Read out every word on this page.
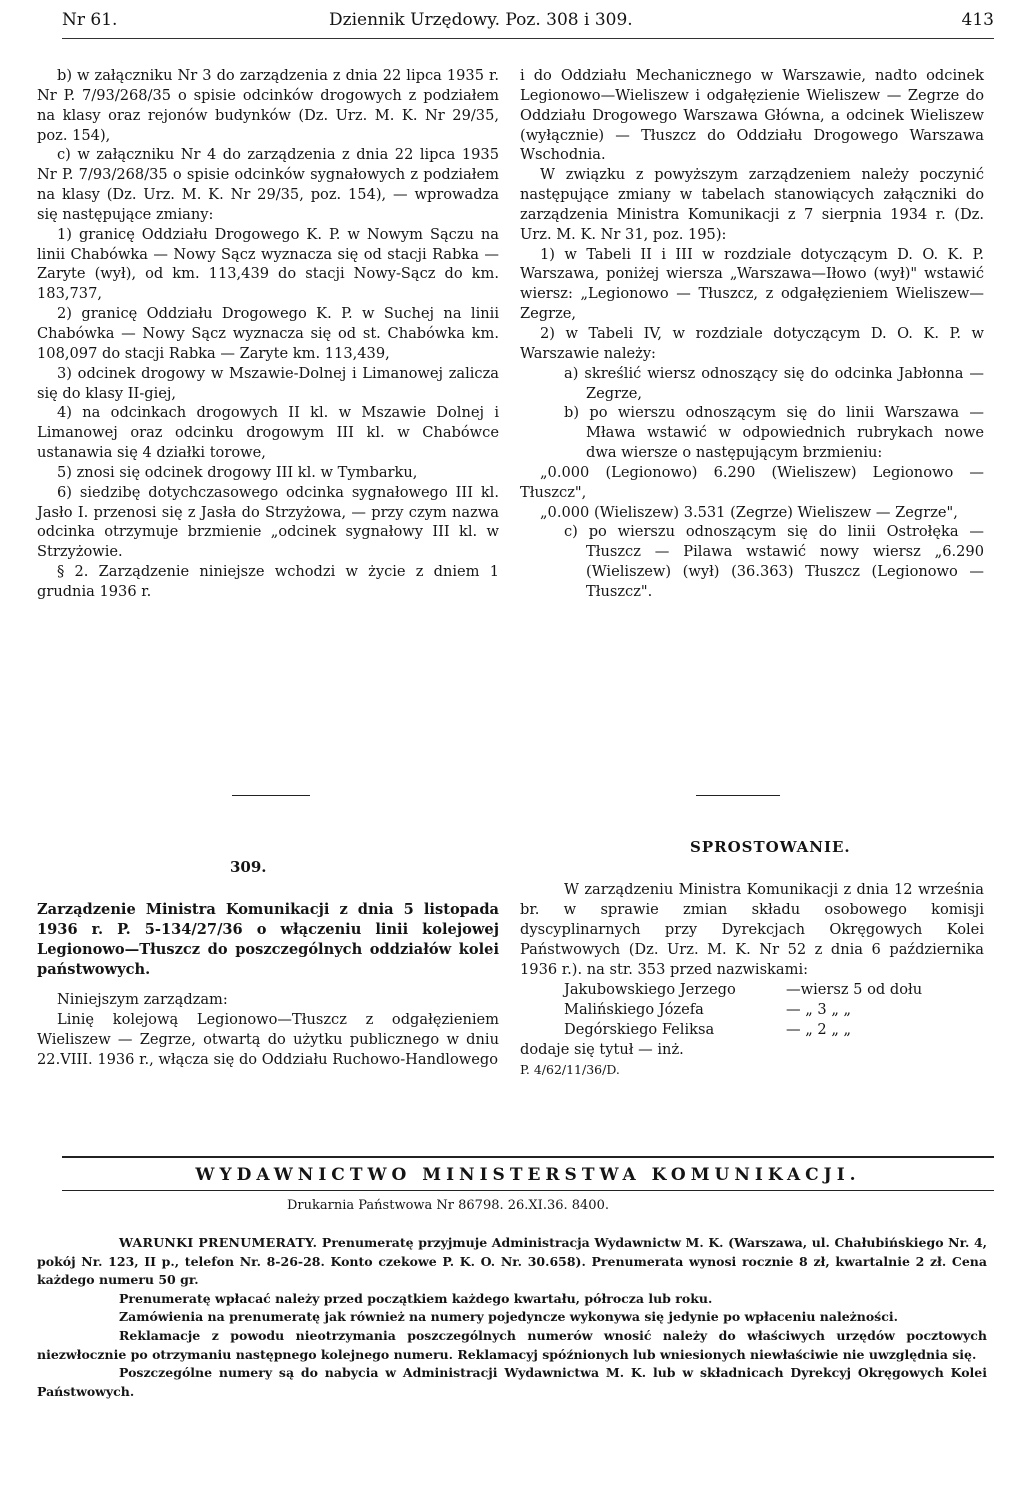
Nr 61.	Dziennik Urzędowy. Poz. 308 i 309.	413

b) w załączniku Nr 3 do zarządzenia z dnia 22 lipca 1935 r. Nr P. 7/93/268/35 o spisie odcinków drogowych z podziałem na klasy oraz rejonów budynków (Dz. Urz. M. K. Nr 29/35, poz. 154),

c) w załączniku Nr 4 do zarządzenia z dnia 22 lipca 1935 Nr P. 7/93/268/35 o spisie odcinków sygnałowych z podziałem na klasy (Dz. Urz. M. K. Nr 29/35, poz. 154), — wprowadza się następujące zmiany:

1) granicę Oddziału Drogowego K. P. w Nowym Sączu na linii Chabówka — Nowy Sącz wyznacza się od stacji Rabka — Zaryte (wył), od km. 113,439 do stacji Nowy-Sącz do km. 183,737,

2) granicę Oddziału Drogowego K. P. w Suchej na linii Chabówka — Nowy Sącz wyznacza się od st. Chabówka km. 108,097 do stacji Rabka — Zaryte km. 113,439,

3) odcinek drogowy w Mszawie-Dolnej i Limanowej zalicza się do klasy II-giej,

4) na odcinkach drogowych II kl. w Mszawie Dolnej i Limanowej oraz odcinku drogowym III kl. w Chabówce ustanawia się 4 działki torowe,

5) znosi się odcinek drogowy III kl. w Tymbarku,

6) siedzibę dotychczasowego odcinka sygnałowego III kl. Jasło I. przenosi się z Jasła do Strzyżowa, — przy czym nazwa odcinka otrzymuje brzmienie „odcinek sygnałowy III kl. w Strzyżowie.

§ 2. Zarządzenie niniejsze wchodzi w życie z dniem 1 grudnia 1936 r.

i do Oddziału Mechanicznego w Warszawie, nadto odcinek Legionowo—Wieliszew i odgałęzienie Wieliszew — Zegrze do Oddziału Drogowego Warszawa Główna, a odcinek Wieliszew (wyłącznie) — Tłuszcz do Oddziału Drogowego Warszawa Wschodnia.

W związku z powyższym zarządzeniem należy poczynić następujące zmiany w tabelach stanowiących załączniki do zarządzenia Ministra Komunikacji z 7 sierpnia 1934 r. (Dz. Urz. M. K. Nr 31, poz. 195):

1) w Tabeli II i III w rozdziale dotyczącym D. O. K. P. Warszawa, poniżej wiersza „Warszawa—Iłowo (wył)" wstawić wiersz: „Legionowo — Tłuszcz, z odgałęzieniem Wieliszew—Zegrze,

2) w Tabeli IV, w rozdziale dotyczącym D. O. K. P. w Warszawie należy:

a) skreślić wiersz odnoszący się do odcinka Jabłonna — Zegrze,

b) po wierszu odnoszącym się do linii Warszawa — Mława wstawić w odpowiednich rubrykach nowe dwa wiersze o następującym brzmieniu:

„0.000 (Legionowo) 6.290 (Wieliszew) Legionowo — Tłuszcz",

„0.000 (Wieliszew) 3.531 (Zegrze) Wieliszew — Zegrze",

c) po wierszu odnoszącym się do linii Ostrołęka — Tłuszcz — Pilawa wstawić nowy wiersz „6.290 (Wieliszew) (wył) (36.363) Tłuszcz (Legionowo — Tłuszcz".

309.
Zarządzenie Ministra Komunikacji z dnia 5 listopada 1936 r. P. 5-134/27/36 o włączeniu linii kolejowej Legionowo—Tłuszcz do poszczególnych oddziałów kolei państwowych.

Niniejszym zarządzam:

Linię kolejową Legionowo—Tłuszcz z odgałęzieniem Wieliszew — Zegrze, otwartą do użytku publicznego w dniu 22.VIII. 1936 r., włącza się do Oddziału Ruchowo-Handlowego

SPROSTOWANIE.

W zarządzeniu Ministra Komunikacji z dnia 12 września br. w sprawie zmian składu osobowego komisji dyscyplinarnych przy Dyrekcjach Okręgowych Kolei Państwowych (Dz. Urz. M. K. Nr 52 z dnia 6 października 1936 r.). na str. 353 przed nazwiskami:

Jakubowskiego Jerzego	—wiersz 5 od dołu
Malińskiego Józefa	— „ 3 „ „
Degórskiego Feliksa	— „ 2 „ „

dodaje się tytuł — inż.

P. 4/62/11/36/D.

WYDAWNICTWO MINISTERSTWA KOMUNIKACJI.
Drukarnia Państwowa Nr 86798. 26.XI.36. 8400.

WARUNKI PRENUMERATY. Prenumeratę przyjmuje Administracja Wydawnictw M. K. (Warszawa, ul. Chałubińskiego Nr. 4, pokój Nr. 123, II p., telefon Nr. 8-26-28. Konto czekowe P. K. O. Nr. 30.658). Prenumerata wynosi rocznie 8 zł, kwartalnie 2 zł. Cena każdego numeru 50 gr.

Prenumeratę wpłacać należy przed początkiem każdego kwartału, półrocza lub roku.

Zamówienia na prenumeratę jak również na numery pojedyncze wykonywa się jedynie po wpłaceniu należności.

Reklamacje z powodu nieotrzymania poszczególnych numerów wnosić należy do właściwych urzędów pocztowych niezwłocznie po otrzymaniu następnego kolejnego numeru. Reklamacyj spóźnionych lub wniesionych niewłaściwie nie uwzględnia się.

Poszczególne numery są do nabycia w Administracji Wydawnictwa M. K. lub w składnicach Dyrekcyj Okręgowych Kolei Państwowych.
